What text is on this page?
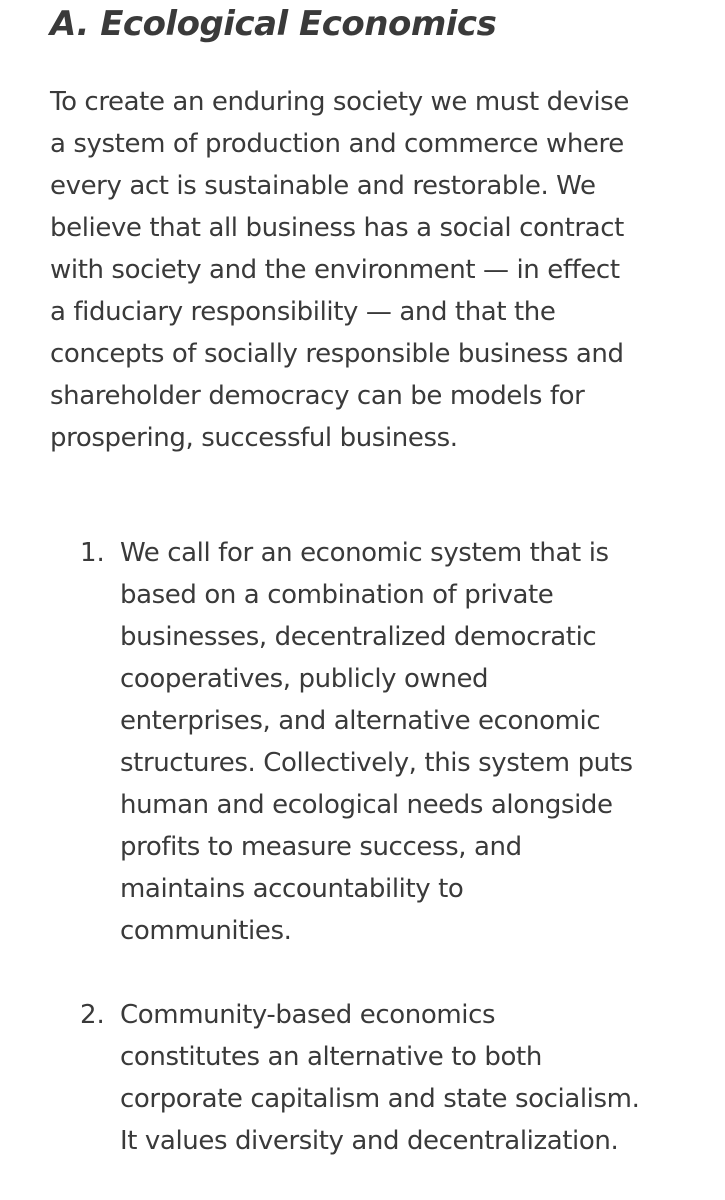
A. Ecological Economics

To create an enduring society we must devise
a system of production and commerce where
every act is sustainable and restorable. We
believe that all business has a social contract
with society and the environment — in effect
a fiduciary responsibility — and that the
concepts of socially responsible business and
shareholder democracy can be models for
prospering, successful business.

1. We call for an economic system that is
based on a combination of private
businesses, decentralized democratic
cooperatives, publicly owned
enterprises, and alternative economic
structures. Collectively, this system puts
human and ecological needs alongside
profits to measure success, and
maintains accountability to
communities.
2. Community-based economics
constitutes an alternative to both
corporate capitalism and state socialism.
It values diversity and decentralization.
